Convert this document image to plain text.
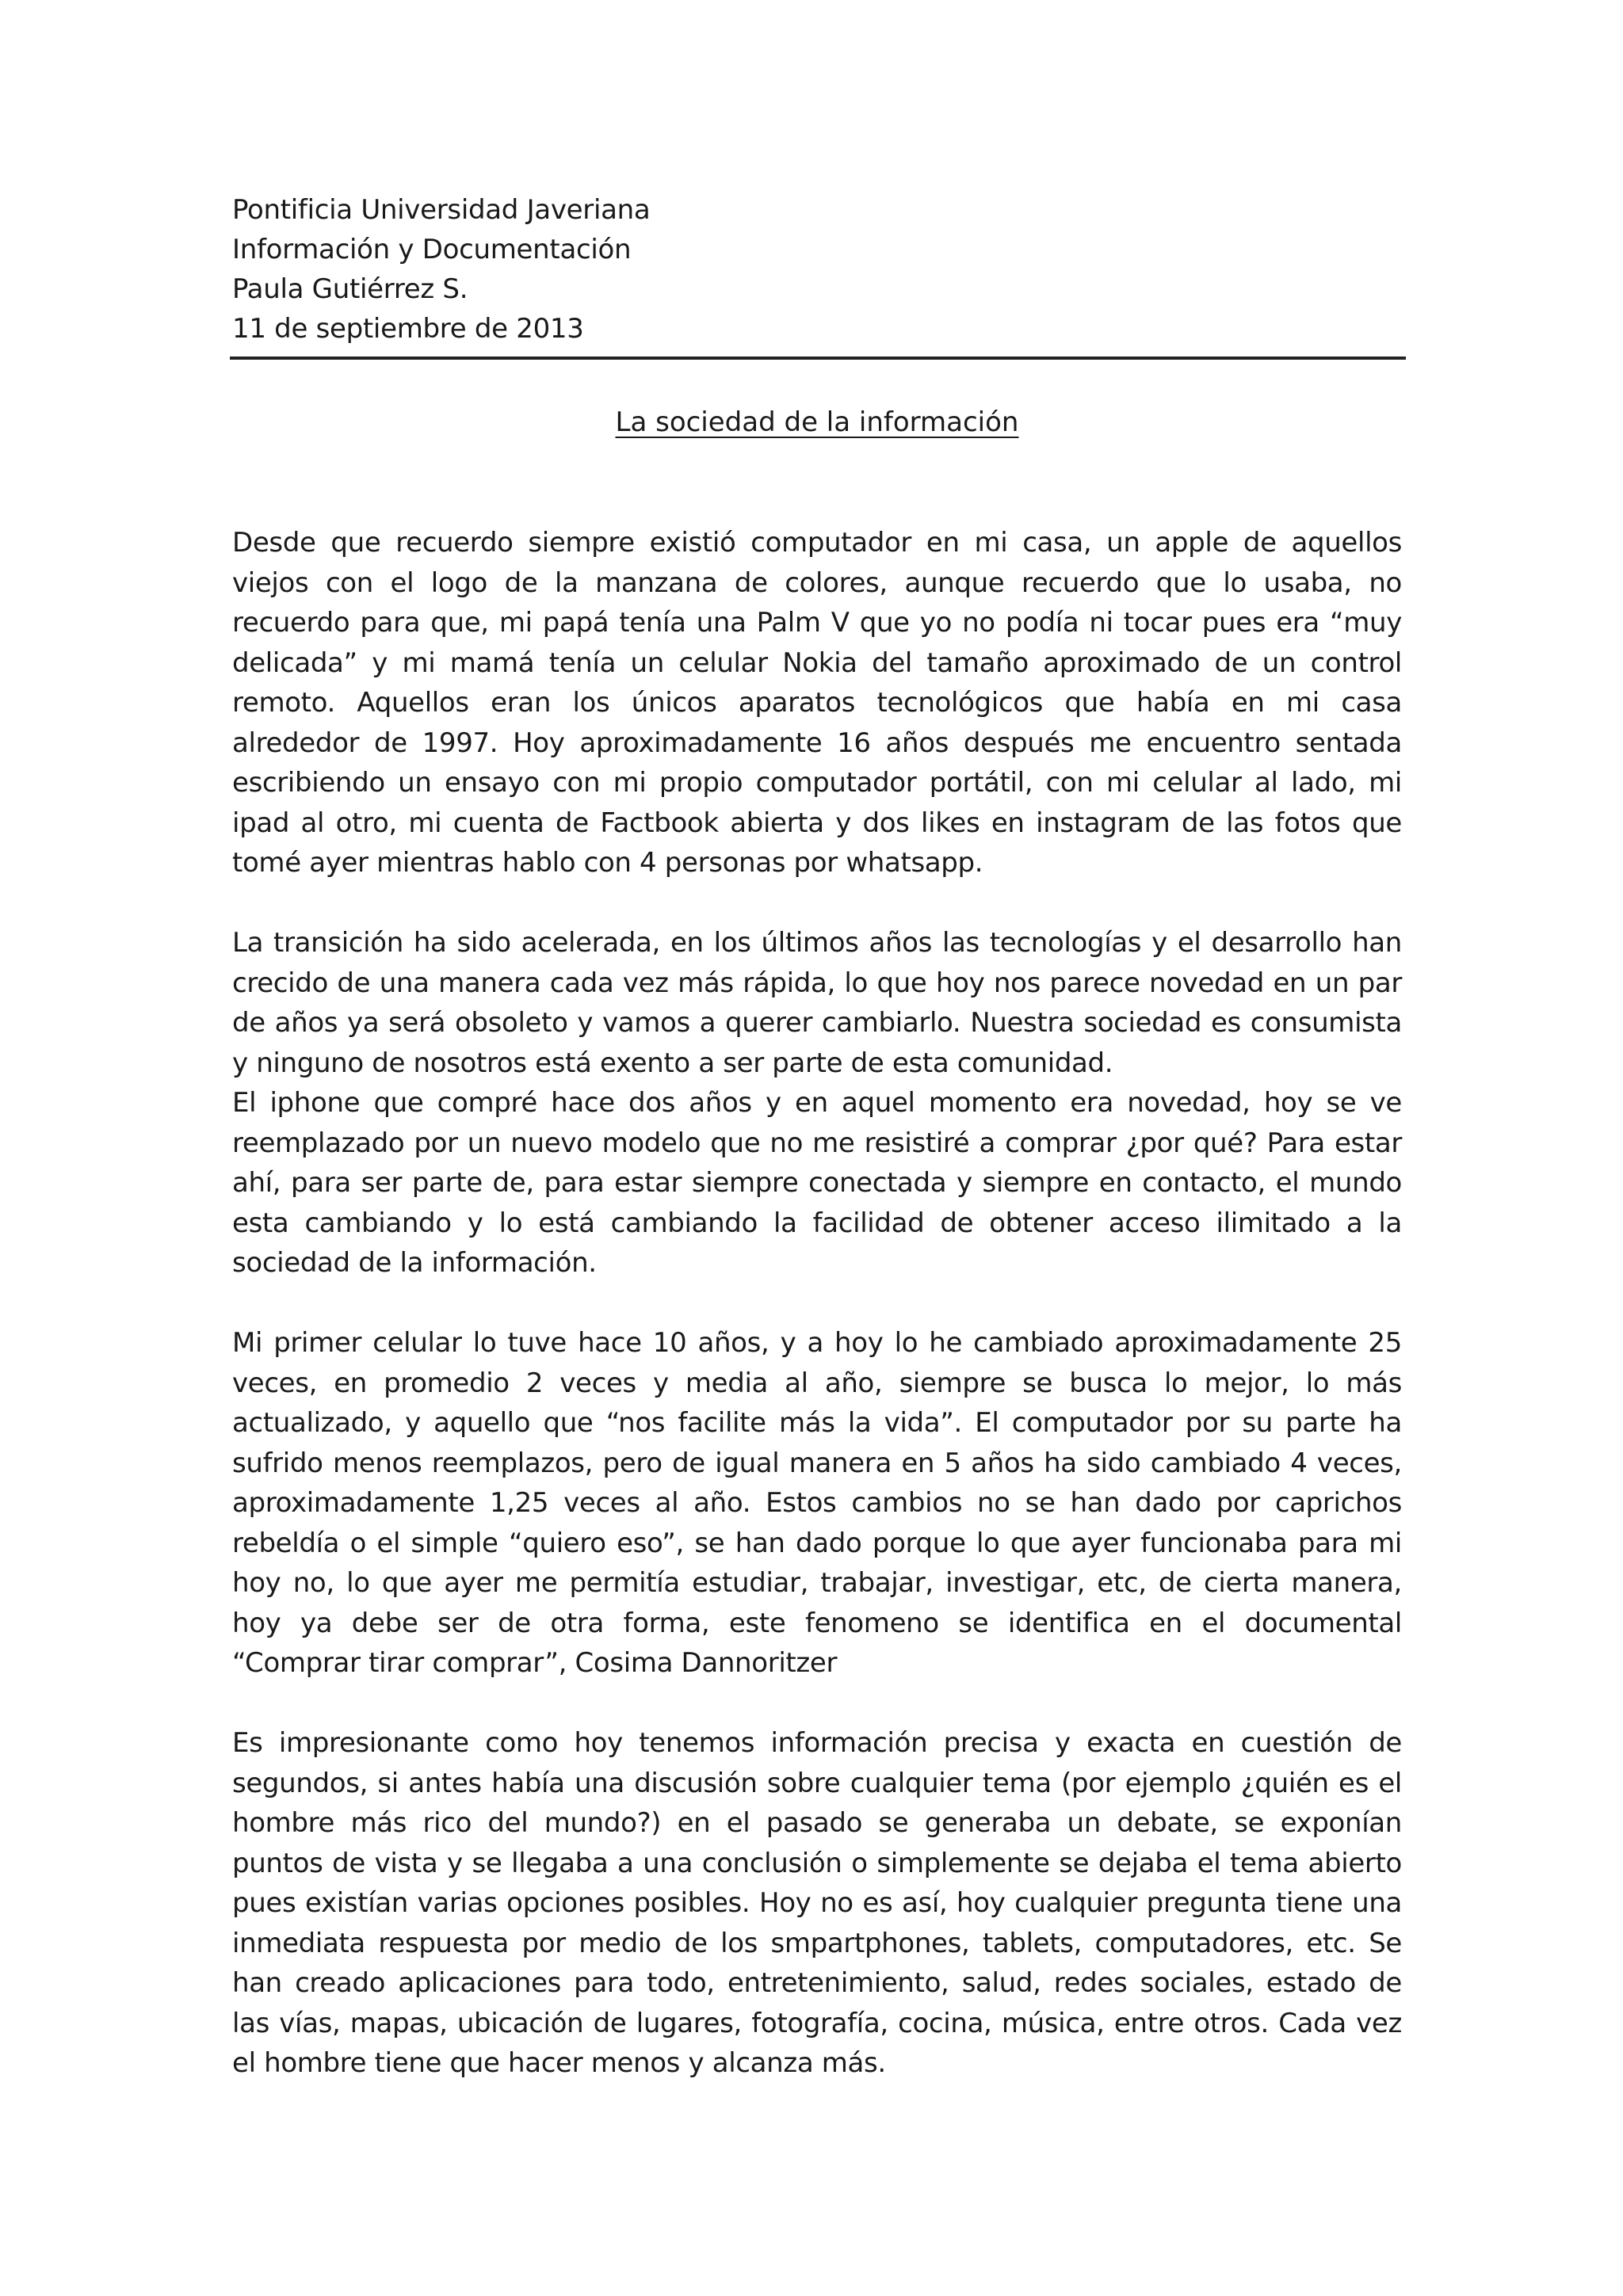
Pontificia Universidad Javeriana
Información y Documentación
Paula Gutiérrez S.
11 de septiembre de 2013
La sociedad de la información
Desde que recuerdo siempre existió computador en mi casa, un apple de aquellos
viejos con el logo de la manzana de colores, aunque recuerdo que lo usaba, no
recuerdo para que, mi papá tenía una Palm V que yo no podía ni tocar pues era “muy
delicada” y mi mamá tenía un celular Nokia del tamaño aproximado de un control
remoto. Aquellos eran los únicos aparatos tecnológicos que había en mi casa
alrededor de 1997. Hoy aproximadamente 16 años después me encuentro sentada
escribiendo un ensayo con mi propio computador portátil, con mi celular al lado, mi
ipad al otro, mi cuenta de Factbook abierta y dos likes en instagram de las fotos que
tomé ayer mientras hablo con 4 personas por whatsapp.
La transición ha sido acelerada, en los últimos años las tecnologías y el desarrollo han
crecido de una manera cada vez más rápida, lo que hoy nos parece novedad en un par
de años ya será obsoleto y vamos a querer cambiarlo. Nuestra sociedad es consumista
y ninguno de nosotros está exento a ser parte de esta comunidad.
El iphone que compré hace dos años y en aquel momento era novedad, hoy se ve
reemplazado por un nuevo modelo que no me resistiré a comprar ¿por qué? Para estar
ahí, para ser parte de, para estar siempre conectada y siempre en contacto, el mundo
esta cambiando y lo está cambiando la facilidad de obtener acceso ilimitado a la
sociedad de la información.
Mi primer celular lo tuve hace 10 años, y a hoy lo he cambiado aproximadamente 25
veces, en promedio 2 veces y media al año, siempre se busca lo mejor, lo más
actualizado, y aquello que “nos facilite más la vida”. El computador por su parte ha
sufrido menos reemplazos, pero de igual manera en 5 años ha sido cambiado 4 veces,
aproximadamente 1,25 veces al año. Estos cambios no se han dado por caprichos
rebeldía o el simple “quiero eso”, se han dado porque lo que ayer funcionaba para mi
hoy no, lo que ayer me permitía estudiar, trabajar, investigar, etc, de cierta manera,
hoy ya debe ser de otra forma, este fenomeno se identifica en el documental
“Comprar tirar comprar”, Cosima Dannoritzer
Es impresionante como hoy tenemos información precisa y exacta en cuestión de
segundos, si antes había una discusión sobre cualquier tema (por ejemplo ¿quién es el
hombre más rico del mundo?) en el pasado se generaba un debate, se exponían
puntos de vista y se llegaba a una conclusión o simplemente se dejaba el tema abierto
pues existían varias opciones posibles. Hoy no es así, hoy cualquier pregunta tiene una
inmediata respuesta por medio de los smpartphones, tablets, computadores, etc. Se
han creado aplicaciones para todo, entretenimiento, salud, redes sociales, estado de
las vías, mapas, ubicación de lugares, fotografía, cocina, música, entre otros. Cada vez
el hombre tiene que hacer menos y alcanza más.
